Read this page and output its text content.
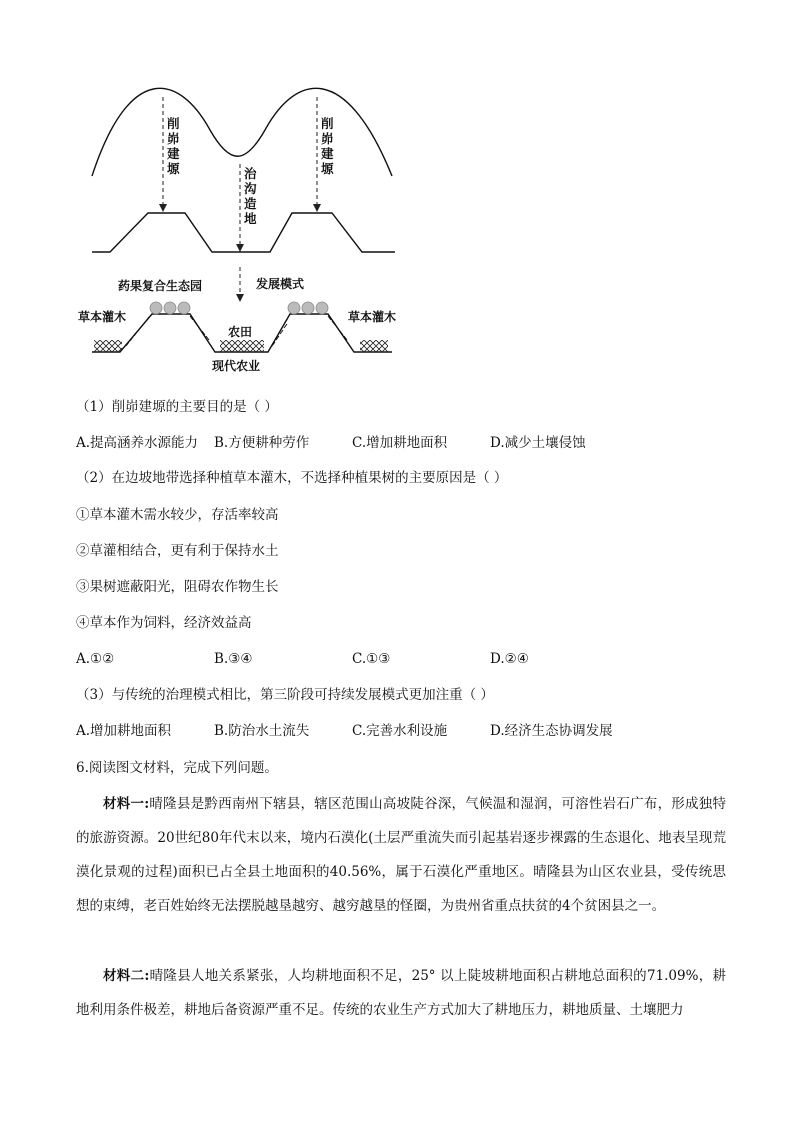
削峁建塬
削峁建塬
治沟造地
药果复合生态园	发展模式
草本灌木	草本灌木
农田
现代农业
（1）削峁建塬的主要目的是（ ）
A.提高涵养水源能力 B.方便耕种劳作	C.增加耕地面积	D.减少土壤侵蚀
（2）在边坡地带选择种植草本灌木，不选择种植果树的主要原因是（ ）
①草本灌木需水较少，存活率较高
②草灌相结合，更有利于保持水土
③果树遮蔽阳光，阻碍农作物生长
④草本作为饲料，经济效益高
A.①②	B.③④	C.①③	D.②④
（3）与传统的治理模式相比，第三阶段可持续发展模式更加注重（ ）
A.增加耕地面积	B.防治水土流失	C.完善水利设施	D.经济生态协调发展
6.阅读图文材料，完成下列问题。
材料一:晴隆县是黔西南州下辖县，辖区范围山高坡陡谷深，气候温和湿润，可溶性岩石广布，形成独特的旅游资源。20世纪80年代末以来，境内石漠化(土层严重流失而引起基岩逐步裸露的生态退化、地表呈现荒漠化景观的过程)面积已占全县土地面积的40.56%，属于石漠化严重地区。晴隆县为山区农业县，受传统思想的束缚，老百姓始终无法摆脱越垦越穷、越穷越垦的怪圈，为贵州省重点扶贫的4个贫困县之一。
材料二:晴隆县人地关系紧张，人均耕地面积不足，25° 以上陡坡耕地面积占耕地总面积的71.09%，耕地利用条件极差，耕地后备资源严重不足。传统的农业生产方式加大了耕地压力，耕地质量、土壤肥力
